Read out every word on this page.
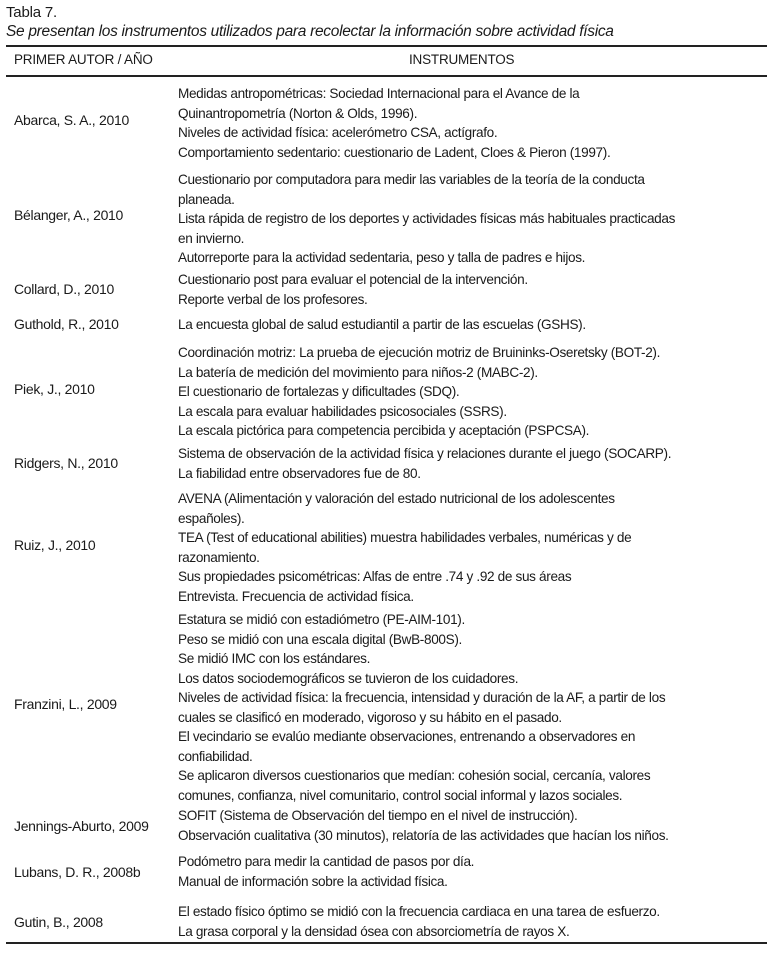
Tabla 7.
Se presentan los instrumentos utilizados para recolectar la información sobre actividad física
PRIMER AUTOR / AÑO	INSTRUMENTOS
Abarca, S. A., 2010
Medidas antropométricas: Sociedad Internacional para el Avance de la
Quinantropometría (Norton & Olds, 1996).
Niveles de actividad física: acelerómetro CSA, actígrafo.
Comportamiento sedentario: cuestionario de Ladent, Cloes & Pieron (1997).
Bélanger, A., 2010
Cuestionario por computadora para medir las variables de la teoría de la conducta
planeada.
Lista rápida de registro de los deportes y actividades físicas más habituales practicadas
en invierno.
Autorreporte para la actividad sedentaria, peso y talla de padres e hijos.
Collard, D., 2010
Cuestionario post para evaluar el potencial de la intervención.
Reporte verbal de los profesores.
Guthold, R., 2010	La encuesta global de salud estudiantil a partir de las escuelas (GSHS).
Piek, J., 2010
Coordinación motriz: La prueba de ejecución motriz de Bruininks-Oseretsky (BOT-2).
La batería de medición del movimiento para niños-2 (MABC-2).
El cuestionario de fortalezas y dificultades (SDQ).
La escala para evaluar habilidades psicosociales (SSRS).
La escala pictórica para competencia percibida y aceptación (PSPCSA).
Ridgers, N., 2010
Sistema de observación de la actividad física y relaciones durante el juego (SOCARP).
La fiabilidad entre observadores fue de 80.
Ruiz, J., 2010
AVENA (Alimentación y valoración del estado nutricional de los adolescentes
españoles).
TEA (Test of educational abilities) muestra habilidades verbales, numéricas y de
razonamiento.
Sus propiedades psicométricas: Alfas de entre .74 y .92 de sus áreas
Entrevista. Frecuencia de actividad física.
Franzini, L., 2009
Estatura se midió con estadiómetro (PE-AIM-101).
Peso se midió con una escala digital (BwB-800S).
Se midió IMC con los estándares.
Los datos sociodemográficos se tuvieron de los cuidadores.
Niveles de actividad física: la frecuencia, intensidad y duración de la AF, a partir de los
cuales se clasificó en moderado, vigoroso y su hábito en el pasado.
El vecindario se evalúo mediante observaciones, entrenando a observadores en
confiabilidad.
Se aplicaron diversos cuestionarios que medían: cohesión social, cercanía, valores
comunes, confianza, nivel comunitario, control social informal y lazos sociales.
Jennings-Aburto, 2009
SOFIT (Sistema de Observación del tiempo en el nivel de instrucción).
Observación cualitativa (30 minutos), relatoría de las actividades que hacían los niños.
Lubans, D. R., 2008b
Podómetro para medir la cantidad de pasos por día.
Manual de información sobre la actividad física.
Gutin, B., 2008
El estado físico óptimo se midió con la frecuencia cardiaca en una tarea de esfuerzo.
La grasa corporal y la densidad ósea con absorciometría de rayos X.
